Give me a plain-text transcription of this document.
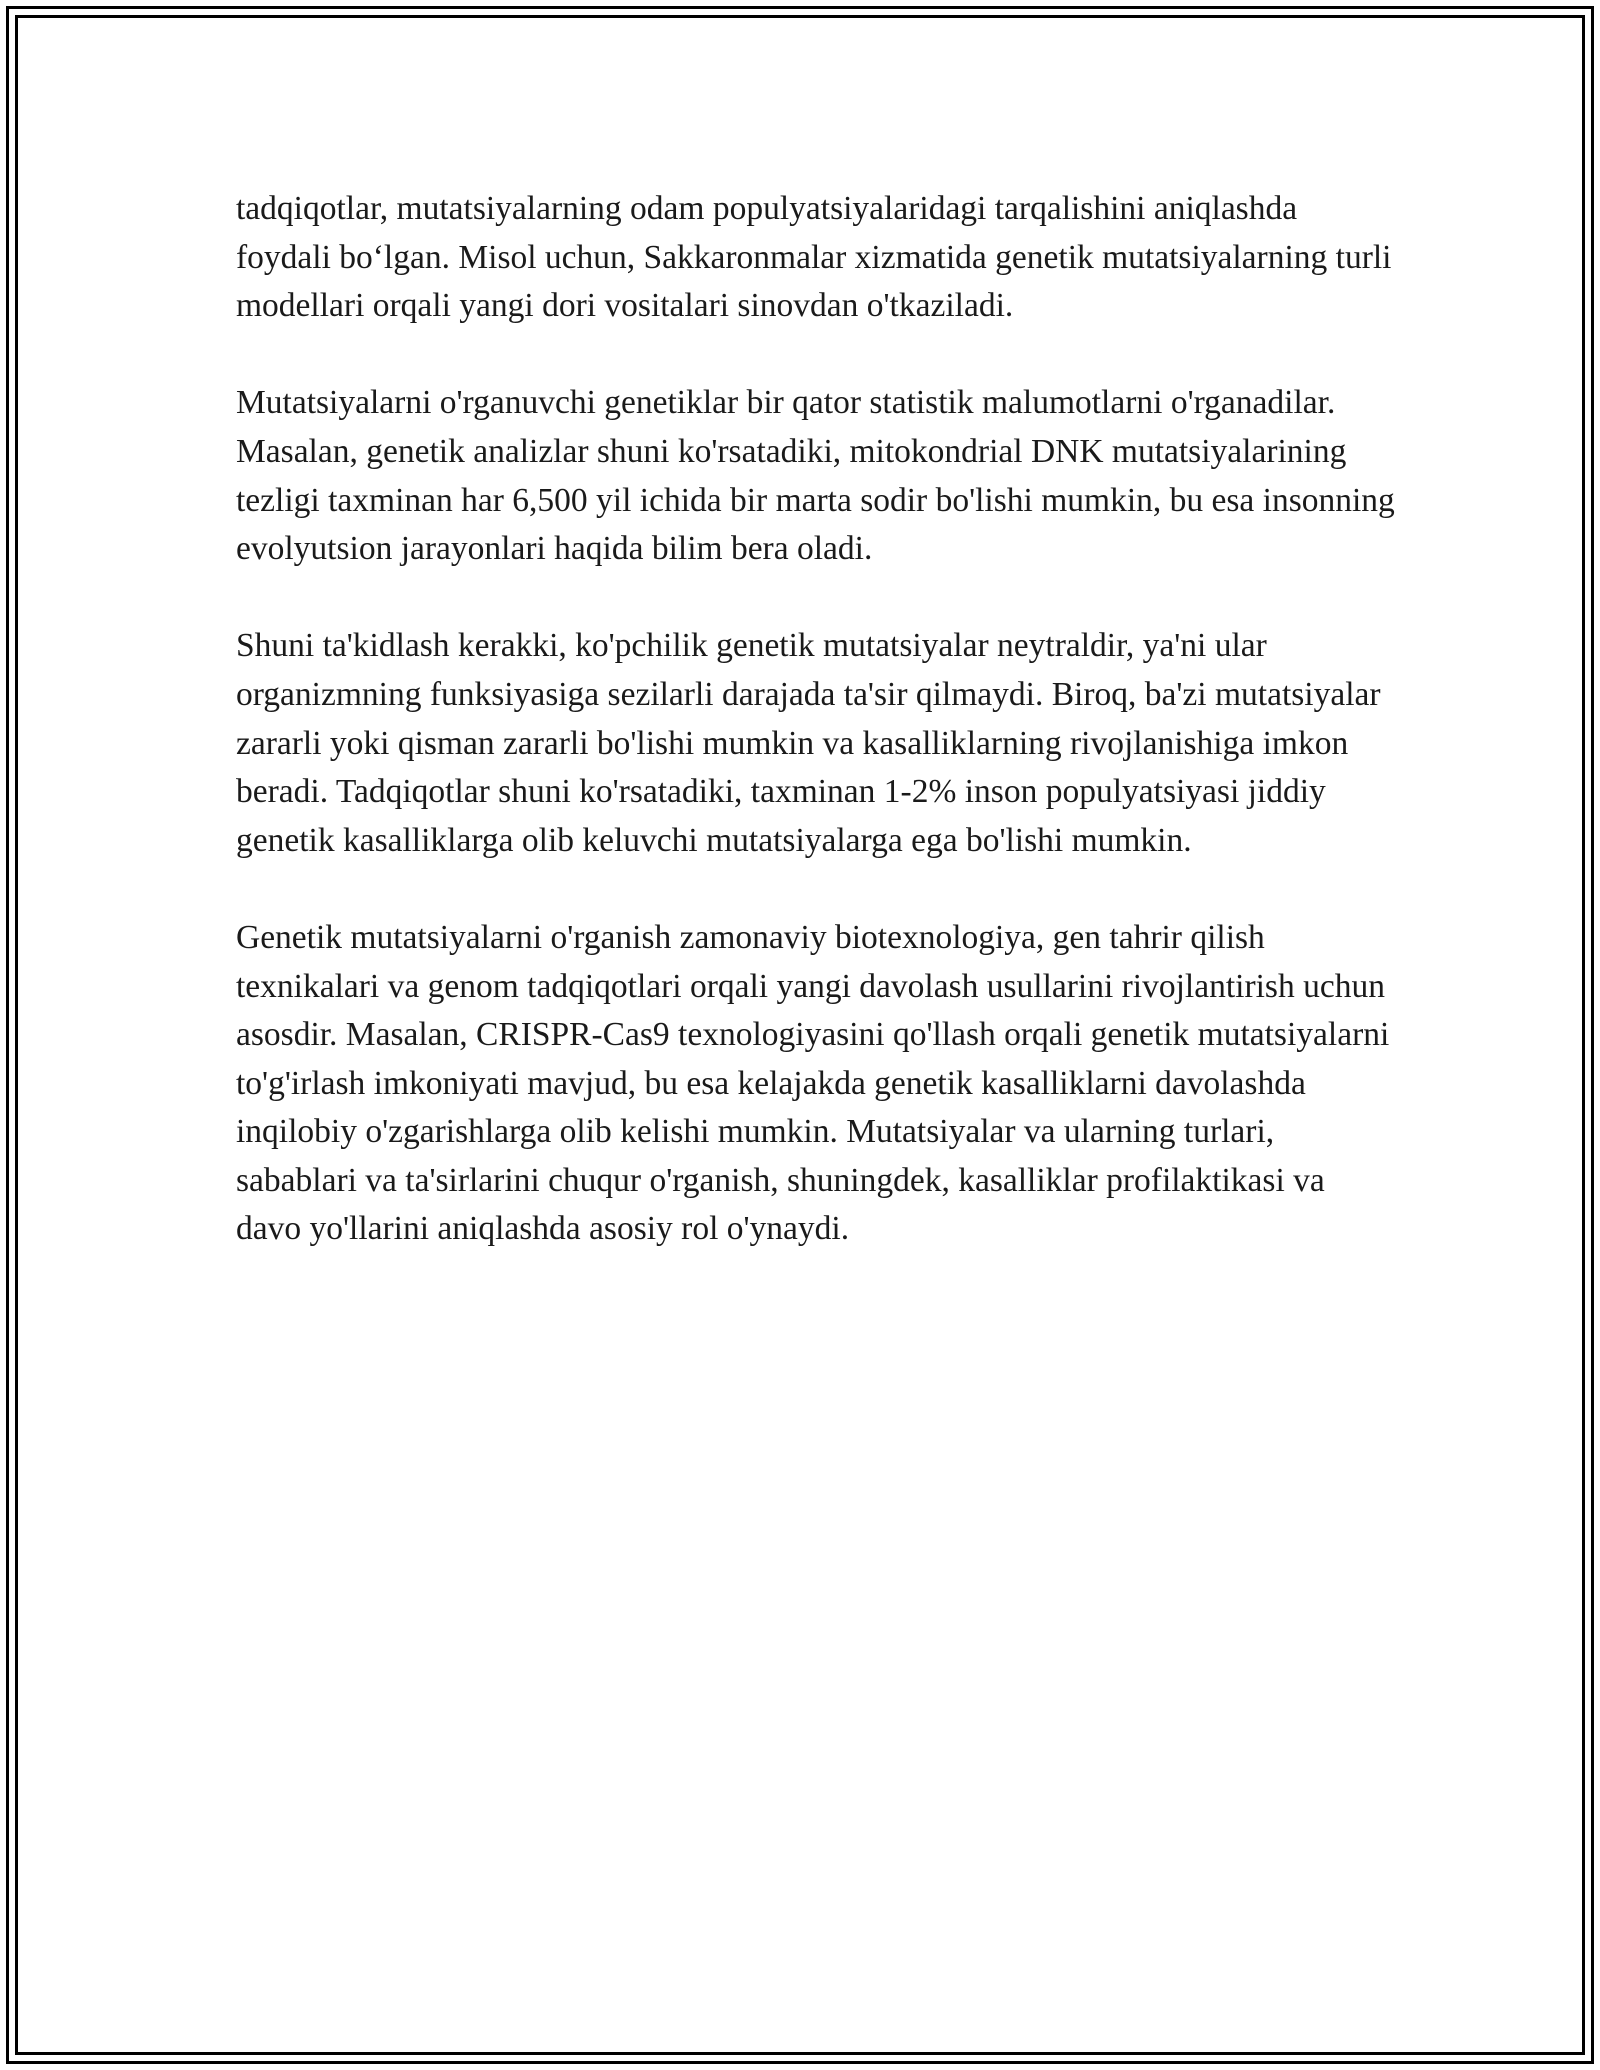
tadqiqotlar, mutatsiyalarning odam populyatsiyalaridagi tarqalishini aniqlashda foydali bo‘lgan. Misol uchun, Sakkaronmalar xizmatida genetik mutatsiyalarning turli modellari orqali yangi dori vositalari sinovdan o'tkaziladi.

Mutatsiyalarni o'rganuvchi genetiklar bir qator statistik malumotlarni o'rganadilar. Masalan, genetik analizlar shuni ko'rsatadiki, mitokondrial DNK mutatsiyalarining tezligi taxminan har 6,500 yil ichida bir marta sodir bo'lishi mumkin, bu esa insonning evolyutsion jarayonlari haqida bilim bera oladi.

Shuni ta'kidlash kerakki, ko'pchilik genetik mutatsiyalar neytraldir, ya'ni ular organizmning funksiyasiga sezilarli darajada ta'sir qilmaydi. Biroq, ba'zi mutatsiyalar zararli yoki qisman zararli bo'lishi mumkin va kasalliklarning rivojlanishiga imkon beradi. Tadqiqotlar shuni ko'rsatadiki, taxminan 1-2% inson populyatsiyasi jiddiy genetik kasalliklarga olib keluvchi mutatsiyalarga ega bo'lishi mumkin.

Genetik mutatsiyalarni o'rganish zamonaviy biotexnologiya, gen tahrir qilish texnikalari va genom tadqiqotlari orqali yangi davolash usullarini rivojlantirish uchun asosdir. Masalan, CRISPR-Cas9 texnologiyasini qo'llash orqali genetik mutatsiyalarni to'g'irlash imkoniyati mavjud, bu esa kelajakda genetik kasalliklarni davolashda inqilobiy o'zgarishlarga olib kelishi mumkin. Mutatsiyalar va ularning turlari, sabablari va ta'sirlarini chuqur o'rganish, shuningdek, kasalliklar profilaktikasi va davo yo'llarini aniqlashda asosiy rol o'ynaydi.
